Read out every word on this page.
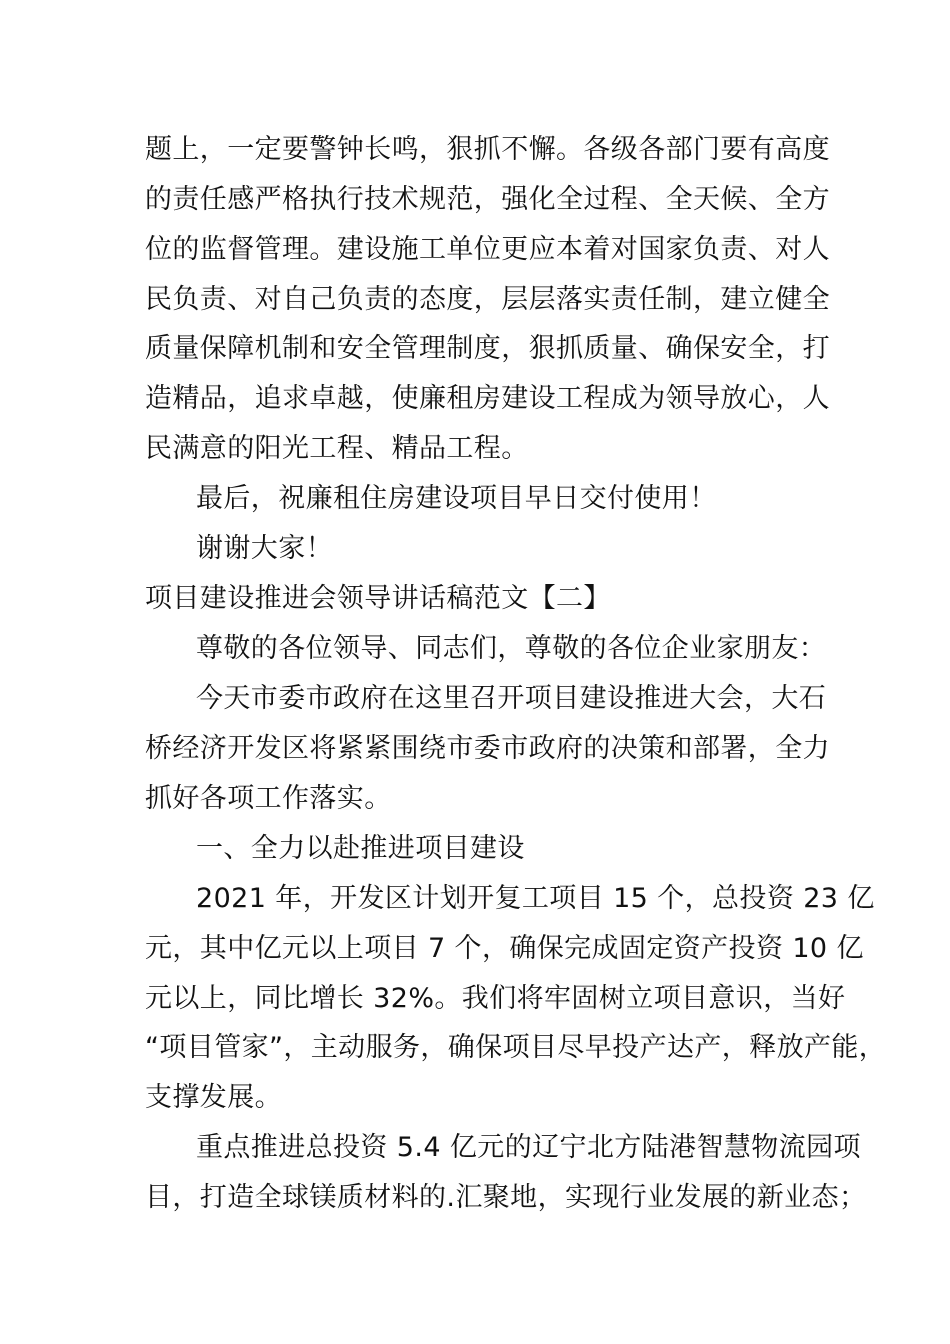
题上，一定要警钟长鸣，狠抓不懈。各级各部门要有高度
的责任感严格执行技术规范，强化全过程、全天候、全方
位的监督管理。建设施工单位更应本着对国家负责、对人
民负责、对自己负责的态度，层层落实责任制，建立健全
质量保障机制和安全管理制度，狠抓质量、确保安全，打
造精品，追求卓越，使廉租房建设工程成为领导放心，人
民满意的阳光工程、精品工程。
最后，祝廉租住房建设项目早日交付使用！
谢谢大家！
项目建设推进会领导讲话稿范文【二】
尊敬的各位领导、同志们，尊敬的各位企业家朋友：
今天市委市政府在这里召开项目建设推进大会，大石
桥经济开发区将紧紧围绕市委市政府的决策和部署，全力
抓好各项工作落实。
一、全力以赴推进项目建设
2021 年，开发区计划开复工项目 15 个，总投资 23 亿
元，其中亿元以上项目 7 个，确保完成固定资产投资 10 亿
元以上，同比增长 32%。我们将牢固树立项目意识，当好
“项目管家”，主动服务，确保项目尽早投产达产，释放产能，
支撑发展。
重点推进总投资 5.4 亿元的辽宁北方陆港智慧物流园项
目，打造全球镁质材料的.汇聚地，实现行业发展的新业态；
